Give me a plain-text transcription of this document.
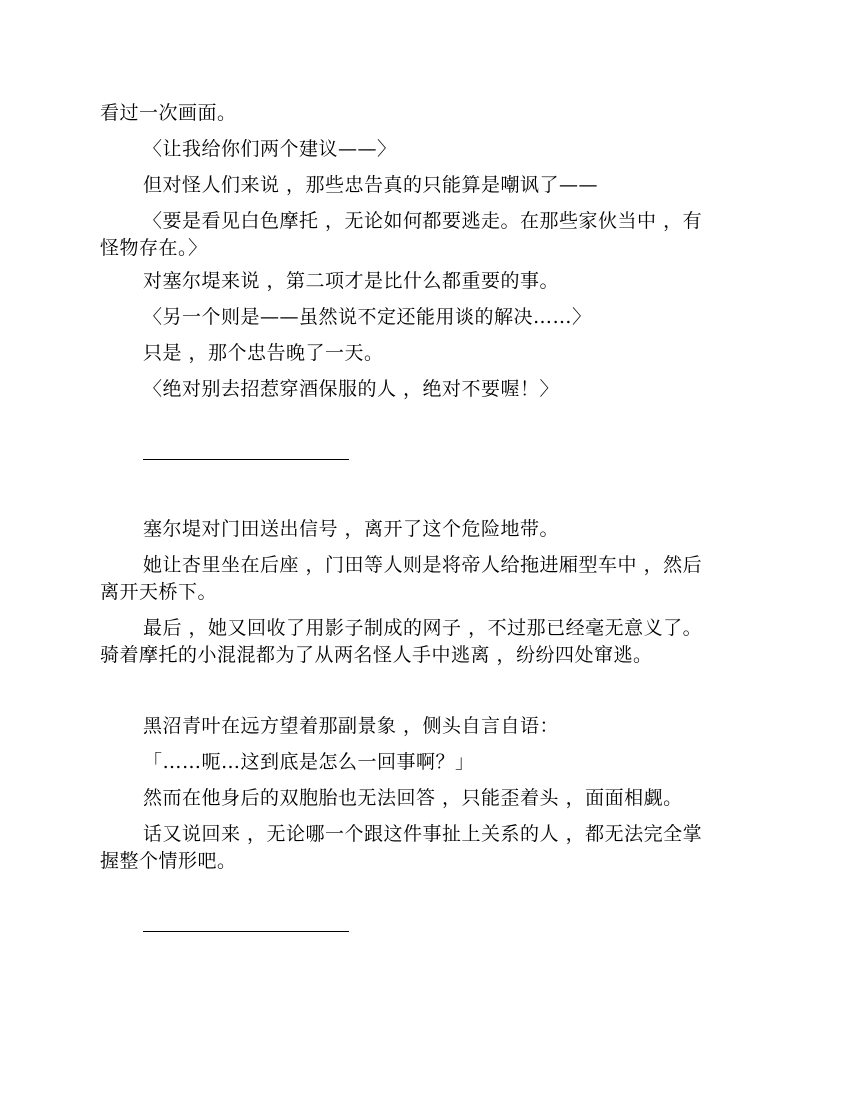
看过一次画面。

〈让我给你们两个建议——〉

但对怪人们来说 ，那些忠告真的只能算是嘲讽了——

〈要是看见白色摩托 ，无论如何都要逃走。在那些家伙当中 ，有

怪物存在。〉

对塞尔堤来说 ，第二项才是比什么都重要的事。

〈另一个则是——虽然说不定还能用谈的解决……〉

只是 ，那个忠告晚了一天。

〈绝对别去招惹穿酒保服的人 ，绝对不要喔！〉

塞尔堤对门田送出信号 ，离开了这个危险地带。

她让杏里坐在后座 ，门田等人则是将帝人给拖进厢型车中 ，然后

离开天桥下。

最后 ，她又回收了用影子制成的网子 ，不过那已经毫无意义了。

骑着摩托的小混混都为了从两名怪人手中逃离 ，纷纷四处窜逃。

黑沼青叶在远方望着那副景象 ，侧头自言自语：

「……呃…这到底是怎么一回事啊？」

然而在他身后的双胞胎也无法回答 ，只能歪着头 ，面面相觑。

话又说回来 ，无论哪一个跟这件事扯上关系的人 ，都无法完全掌

握整个情形吧。
